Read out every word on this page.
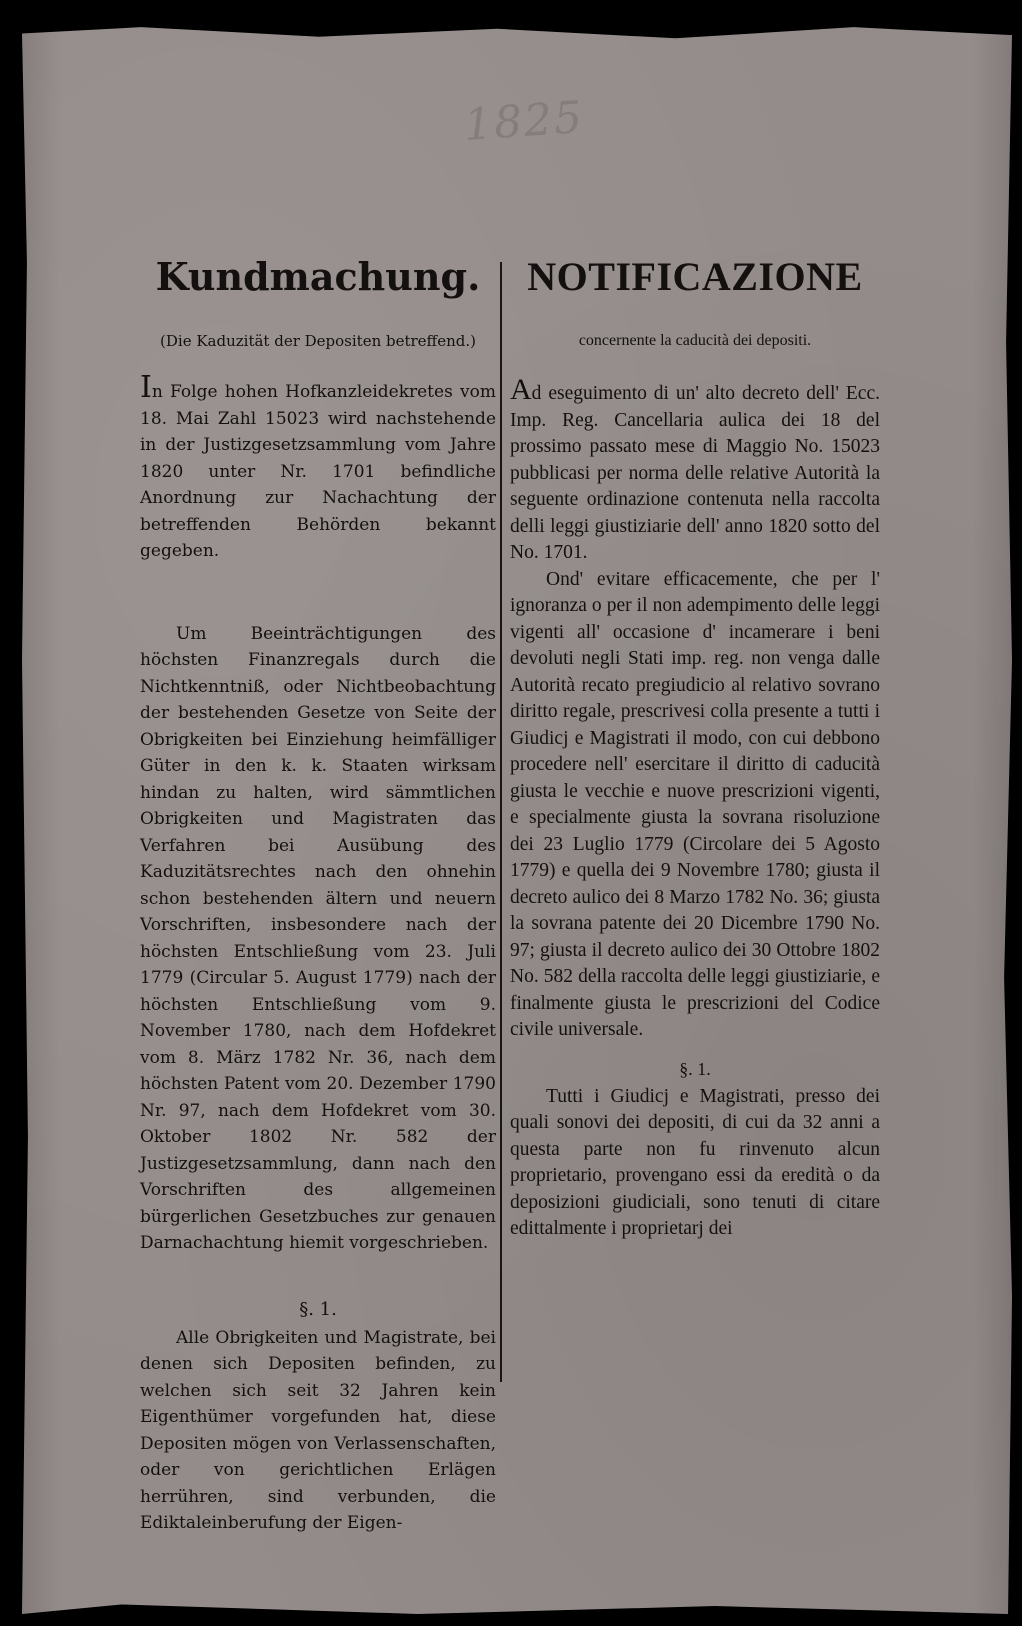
1825
Kundmachung.
(Die Kaduzität der Depositen betreffend.)

In Folge hohen Hofkanzleidekretes vom 18. Mai Zahl 15023 wird nachstehende in der Justizgesetzsammlung vom Jahre 1820 unter Nr. 1701 befindliche Anordnung zur Nachachtung der betreffenden Behörden bekannt gegeben.

Um Beeinträchtigungen des höchsten Finanzregals durch die Nichtkenntniß, oder Nichtbeobachtung der bestehenden Gesetze von Seite der Obrigkeiten bei Einziehung heimfälliger Güter in den k. k. Staaten wirksam hindan zu halten, wird sämmtlichen Obrigkeiten und Magistraten das Verfahren bei Ausübung des Kaduzitätsrechtes nach den ohnehin schon bestehenden ältern und neuern Vorschriften, insbesondere nach der höchsten Entschließung vom 23. Juli 1779 (Circular 5. August 1779) nach der höchsten Entschließung vom 9. November 1780, nach dem Hofdekret vom 8. März 1782 Nr. 36, nach dem höchsten Patent vom 20. Dezember 1790 Nr. 97, nach dem Hofdekret vom 30. Oktober 1802 Nr. 582 der Justizgesetzsammlung, dann nach den Vorschriften des allgemeinen bürgerlichen Gesetzbuches zur genauen Darnachachtung hiemit vorgeschrieben.

§. 1.

Alle Obrigkeiten und Magistrate, bei denen sich Depositen befinden, zu welchen sich seit 32 Jahren kein Eigenthümer vorgefunden hat, diese Depositen mögen von Verlassenschaften, oder von gerichtlichen Erlägen herrühren, sind verbunden, die Ediktaleinberufung der Eigen-

NOTIFICAZIONE
concernente la caducità dei depositi.

Ad eseguimento di un' alto decreto dell' Ecc. Imp. Reg. Cancellaria aulica dei 18 del prossimo passato mese di Maggio No. 15023 pubblicasi per norma delle relative Autorità la seguente ordinazione contenuta nella raccolta delli leggi giustiziarie dell' anno 1820 sotto del No. 1701.

Ond' evitare efficacemente, che per l' ignoranza o per il non adempimento delle leggi vigenti all' occasione d' incamerare i beni devoluti negli Stati imp. reg. non venga dalle Autorità recato pregiudicio al relativo sovrano diritto regale, prescrivesi colla presente a tutti i Giudicj e Magistrati il modo, con cui debbono procedere nell' esercitare il diritto di caducità giusta le vecchie e nuove prescrizioni vigenti, e specialmente giusta la sovrana risoluzione dei 23 Luglio 1779 (Circolare dei 5 Agosto 1779) e quella dei 9 Novembre 1780; giusta il decreto aulico dei 8 Marzo 1782 No. 36; giusta la sovrana patente dei 20 Dicembre 1790 No. 97; giusta il decreto aulico dei 30 Ottobre 1802 No. 582 della raccolta delle leggi giustiziarie, e finalmente giusta le prescrizioni del Codice civile universale.

§. 1.

Tutti i Giudicj e Magistrati, presso dei quali sonovi dei depositi, di cui da 32 anni a questa parte non fu rinvenuto alcun proprietario, provengano essi da eredità o da deposizioni giudiciali, sono tenuti di citare edittalmente i proprietarj dei
